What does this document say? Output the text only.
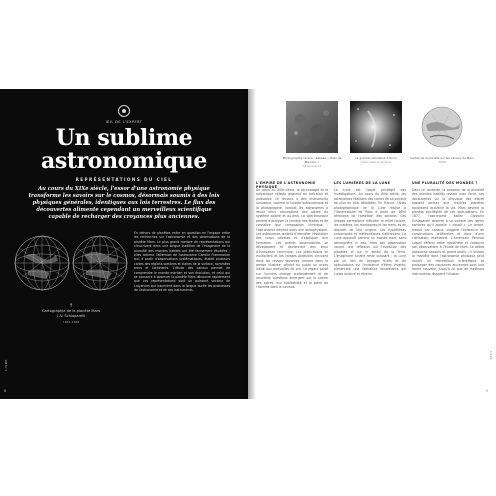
ŒIL DE L'EXPERT
Un sublime
astronomique
REPRÉSENTATIONS DU CIEL
Au cours du XIXe siècle, l'essor d'une astronomie physique transforme les savoirs sur le cosmos, désormais soumis à des lois physiques générales, identiques aux lois terrestres. Le flux des découvertes alimente cependant un merveilleux scientifique capable de recharger des croyances plus anciennes.
↑
Cartographie de la planète Mars
J.-V. Schiaparelli
1882-1888
En dehors de planètes entre en question en l'espace entre les recherches sur l'astronomie et des observations de la planète Mars. Le plus grand nombre de représentations qui s'inscrivent dans une longue tradition de l'imaginaire de la pluralité des mondes habités ont été fermement étudiées ; elles attirent l'attention de l'astronome Camille Flammarion qui, à partir d'observations systématiques, établit plusieurs cartes des régions sombres et claires de la surface, nommées mers et continents. L'étude des canaux permet de comprendre le monde martien et son évolution, et celui qui se consacre à observer la planète Mars découvre rapidement que ces représentations sont un puissant vecteur de croyances qui inscrivent dans la longue durée les promesses de l'astronomie et de ses instruments.
LIVRE
8
Photographie lunaire, réalisée « Atlas de Meudon »
Observatoire
La grande nébuleuse d'Orion
Observatoire de Paris
Cartes de la planète sur les canaux de Mars
1888
L'EMPIRE DE L'ASTRONOMIE PHYSIQUE
LES LUMIÈRES DE LA LUNE	UNE PLURALITÉ DES MONDES ?
Au cours du XIXe siècle, la technologie et la mécanique céleste gagnent en précision et puissance. Le recours à des instruments nouveaux, comme la lunette astronomique et la photographie, conduit les astronomes à revoir leurs conceptions des astres du système solaire et au-delà. La spectroscopie permet d'analyser la lumière des étoiles et de connaître leur composition chimique ; l'astronomie devient alors une astrophysique. Les astronomes tentent d'identifier l'évolution des corps célestes et d'expliquer leur formation. Les grands observatoires se développent et deviennent des lieux d'innovation technique. Les publications se multiplient et les images produites circulent dans les revues savantes comme dans la presse illustrée, offrant au public un accès inédit aux merveilles du ciel. Le regard porté sur l'univers change profondément et de nouvelles questions émergent sur la nature des astres, leur habitabilité et la place de l'homme dans le cosmos.
La Lune est l'objet privilégié des investigations. Au cours du XIXe siècle, les astronomes réalisent des cartes de sa surface de plus en plus détaillées. En France, l'Atlas photographique de la Lune réalisé à l'Observatoire de Paris à partir de 1894 témoigne de l'ambition des savants. Ces images permettent d'étudier le relief lunaire, les cratères, les montagnes et les mers, et de discuter de leur origine. Les hypothèses volcaniques et météoritiques s'affrontent. La Lune apparaît comme un monde mort, sans atmosphère ni eau, mais son observation nourrit une réflexion sur l'évolution des planètes et sur le destin de la Terre. L'imaginaire lunaire reste puissant : la Lune est un lieu de voyages fictifs et de spéculations sur l'existence d'êtres vivants, alimentant une littérature foisonnante qui croise science et rêverie.
Dans ce contexte, la question de la pluralité des mondes habités revient avec force. Les découvertes sur la physique des astres laissent penser que d'autres planètes pourraient accueillir la vie. Mars devient la planète privilégiée de ces spéculations. En 1877, l'astronome italien Giovanni Schiaparelli observe à sa surface des lignes sombres qu'il appelle « canali ». Le terme, traduit par canaux, suggère l'existence de constructions artificielles et donc d'une civilisation martienne. L'Américain Percival Lowell défend cette hypothèse et consacre son observatoire à l'étude de Mars. Le débat passionne savants et grand public ; il illustre la manière dont l'astronomie physique peut nourrir un merveilleux scientifique et prolonger des croyances anciennes sous une forme nouvelle, jusqu'à ce que de meilleurs instruments dissipent l'illusion.
LIVRE
9
